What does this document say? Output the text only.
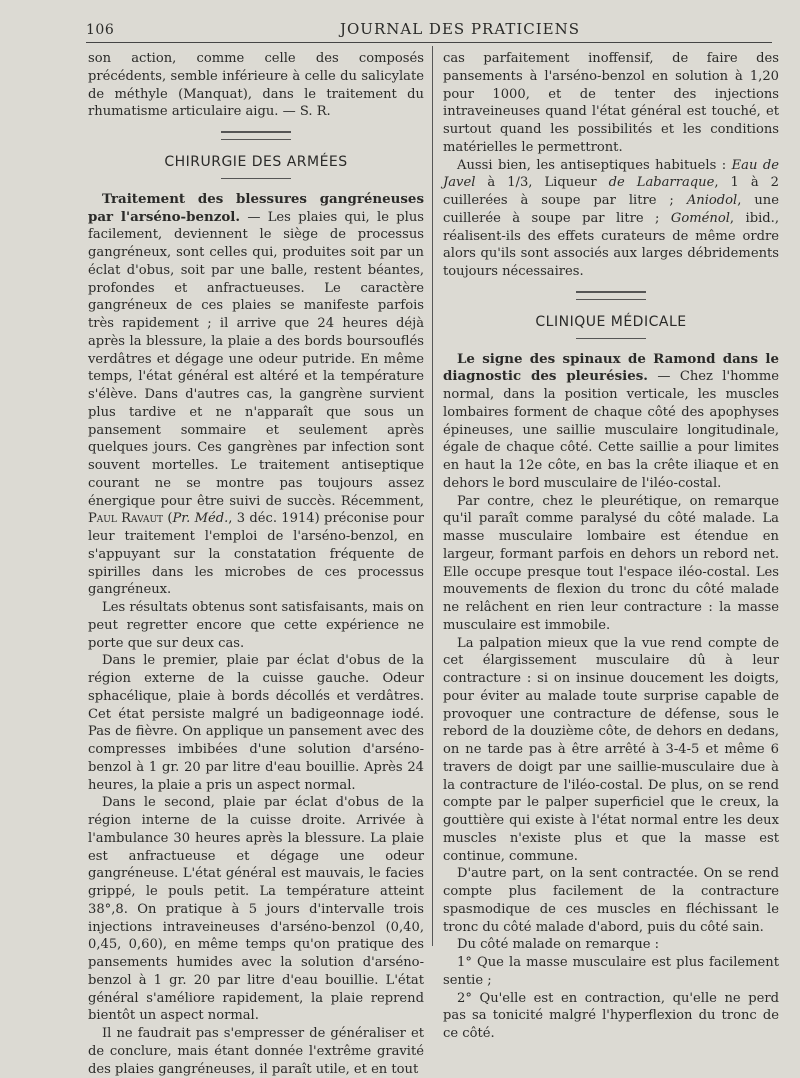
106	JOURNAL DES PRATICIENS

son action, comme celle des composés précédents, semble inférieure à celle du salicylate de méthyle (Manquat), dans le traitement du rhumatisme articulaire aigu. — S. R.

CHIRURGIE DES ARMÉES

Traitement des blessures gangréneuses par l'arséno-benzol. — Les plaies qui, le plus facilement, deviennent le siège de processus gangréneux, sont celles qui, produites soit par un éclat d'obus, soit par une balle, restent béantes, profondes et anfractueuses. Le caractère gangréneux de ces plaies se manifeste parfois très rapidement ; il arrive que 24 heures déjà après la blessure, la plaie a des bords boursouflés verdâtres et dégage une odeur putride. En même temps, l'état général est altéré et la température s'élève. Dans d'autres cas, la gangrène survient plus tardive et ne n'apparaît que sous un pansement sommaire et seulement après quelques jours. Ces gangrènes par infection sont souvent mortelles. Le traitement antiseptique courant ne se montre pas toujours assez énergique pour être suivi de succès. Récemment, Paul Ravaut (Pr. Méd., 3 déc. 1914) préconise pour leur traitement l'emploi de l'arséno-benzol, en s'appuyant sur la constatation fréquente de spirilles dans les microbes de ces processus gangréneux.

Les résultats obtenus sont satisfaisants, mais on peut regretter encore que cette expérience ne porte que sur deux cas.

Dans le premier, plaie par éclat d'obus de la région externe de la cuisse gauche. Odeur sphacélique, plaie à bords décollés et verdâtres. Cet état persiste malgré un badigeonnage iodé. Pas de fièvre. On applique un pansement avec des compresses imbibées d'une solution d'arséno-benzol à 1 gr. 20 par litre d'eau bouillie. Après 24 heures, la plaie a pris un aspect normal.

Dans le second, plaie par éclat d'obus de la région interne de la cuisse droite. Arrivée à l'ambulance 30 heures après la blessure. La plaie est anfractueuse et dégage une odeur gangréneuse. L'état général est mauvais, le facies grippé, le pouls petit. La température atteint 38°,8. On pratique à 5 jours d'intervalle trois injections intraveineuses d'arséno-benzol (0,40, 0,45, 0,60), en même temps qu'on pratique des pansements humides avec la solution d'arséno-benzol à 1 gr. 20 par litre d'eau bouillie. L'état général s'améliore rapidement, la plaie reprend bientôt un aspect normal.

Il ne faudrait pas s'empresser de généraliser et de conclure, mais étant donnée l'extrême gravité des plaies gangréneuses, il paraît utile, et en tout

cas parfaitement inoffensif, de faire des pansements à l'arséno-benzol en solution à 1,20 pour 1000, et de tenter des injections intraveineuses quand l'état général est touché, et surtout quand les possibilités et les conditions matérielles le permettront.

Aussi bien, les antiseptiques habituels : Eau de Javel à 1/3, Liqueur de Labarraque, 1 à 2 cuillerées à soupe par litre ; Aniodol, une cuillerée à soupe par litre ; Goménol, ibid., réalisent-ils des effets curateurs de même ordre alors qu'ils sont associés aux larges débridements toujours nécessaires.

CLINIQUE MÉDICALE

Le signe des spinaux de Ramond dans le diagnostic des pleurésies. — Chez l'homme normal, dans la position verticale, les muscles lombaires forment de chaque côté des apophyses épineuses, une saillie musculaire longitudinale, égale de chaque côté. Cette saillie a pour limites en haut la 12e côte, en bas la crête iliaque et en dehors le bord musculaire de l'iléo-costal.

Par contre, chez le pleurétique, on remarque qu'il paraît comme paralysé du côté malade. La masse musculaire lombaire est étendue en largeur, formant parfois en dehors un rebord net. Elle occupe presque tout l'espace iléo-costal. Les mouvements de flexion du tronc du côté malade ne relâchent en rien leur contracture : la masse musculaire est immobile.

La palpation mieux que la vue rend compte de cet élargissement musculaire dû à leur contracture : si on insinue doucement les doigts, pour éviter au malade toute surprise capable de provoquer une contracture de défense, sous le rebord de la douzième côte, de dehors en dedans, on ne tarde pas à être arrêté à 3-4-5 et même 6 travers de doigt par une saillie-musculaire due à la contracture de l'iléo-costal. De plus, on se rend compte par le palper superficiel que le creux, la gouttière qui existe à l'état normal entre les deux muscles n'existe plus et que la masse est continue, commune.

D'autre part, on la sent contractée. On se rend compte plus facilement de la contracture spasmodique de ces muscles en fléchissant le tronc du côté malade d'abord, puis du côté sain.

Du côté malade on remarque :

1° Que la masse musculaire est plus facilement sentie ;

2° Qu'elle est en contraction, qu'elle ne perd pas sa tonicité malgré l'hyperflexion du tronc de ce côté.
